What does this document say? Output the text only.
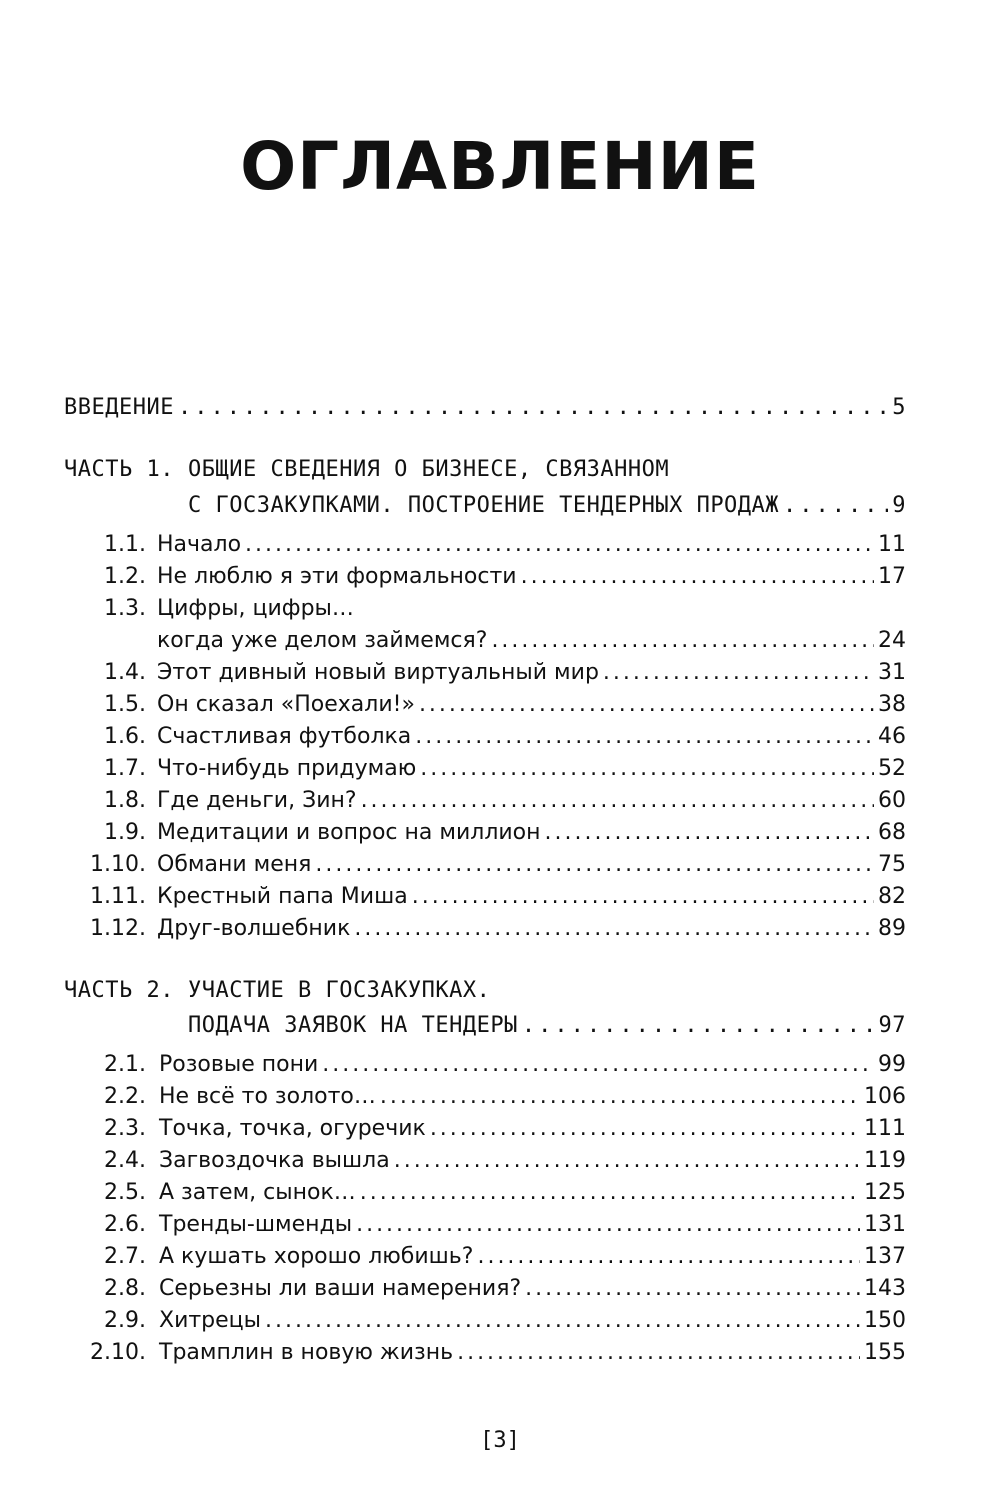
ОГЛАВЛЕНИЕ
ВВЕДЕНИЕ .....	5
ЧАСТЬ 1. ОБЩИЕ СВЕДЕНИЯ О БИЗНЕСЕ, СВЯЗАННОМ
С ГОСЗАКУПКАМИ. ПОСТРОЕНИЕ ТЕНДЕРНЫХ ПРОДАЖ .....	9
1.1. Начало .....	11
1.2. Не люблю я эти формальности .....	17
1.3. Цифры, цифры…
когда уже делом займемся? .....	24
1.4. Этот дивный новый виртуальный мир .....	31
1.5. Он сказал «Поехали!» .....	38
1.6. Счастливая футболка .....	46
1.7. Что-нибудь придумаю .....	52
1.8. Где деньги, Зин? .....	60
1.9. Медитации и вопрос на миллион .....	68
1.10. Обмани меня .....	75
1.11. Крестный папа Миша .....	82
1.12. Друг-волшебник .....	89
ЧАСТЬ 2. УЧАСТИЕ В ГОСЗАКУПКАХ.
ПОДАЧА ЗАЯВОК НА ТЕНДЕРЫ .....	97
2.1. Розовые пони .....	99
2.2. Не всё то золото… .....	106
2.3. Точка, точка, огуречик .....	111
2.4. Загвоздочка вышла .....	119
2.5. А затем, сынок… .....	125
2.6. Тренды-шменды .....	131
2.7. А кушать хорошо любишь? .....	137
2.8. Серьезны ли ваши намерения? .....	143
2.9. Хитрецы .....	150
2.10. Трамплин в новую жизнь .....	155
[3]
